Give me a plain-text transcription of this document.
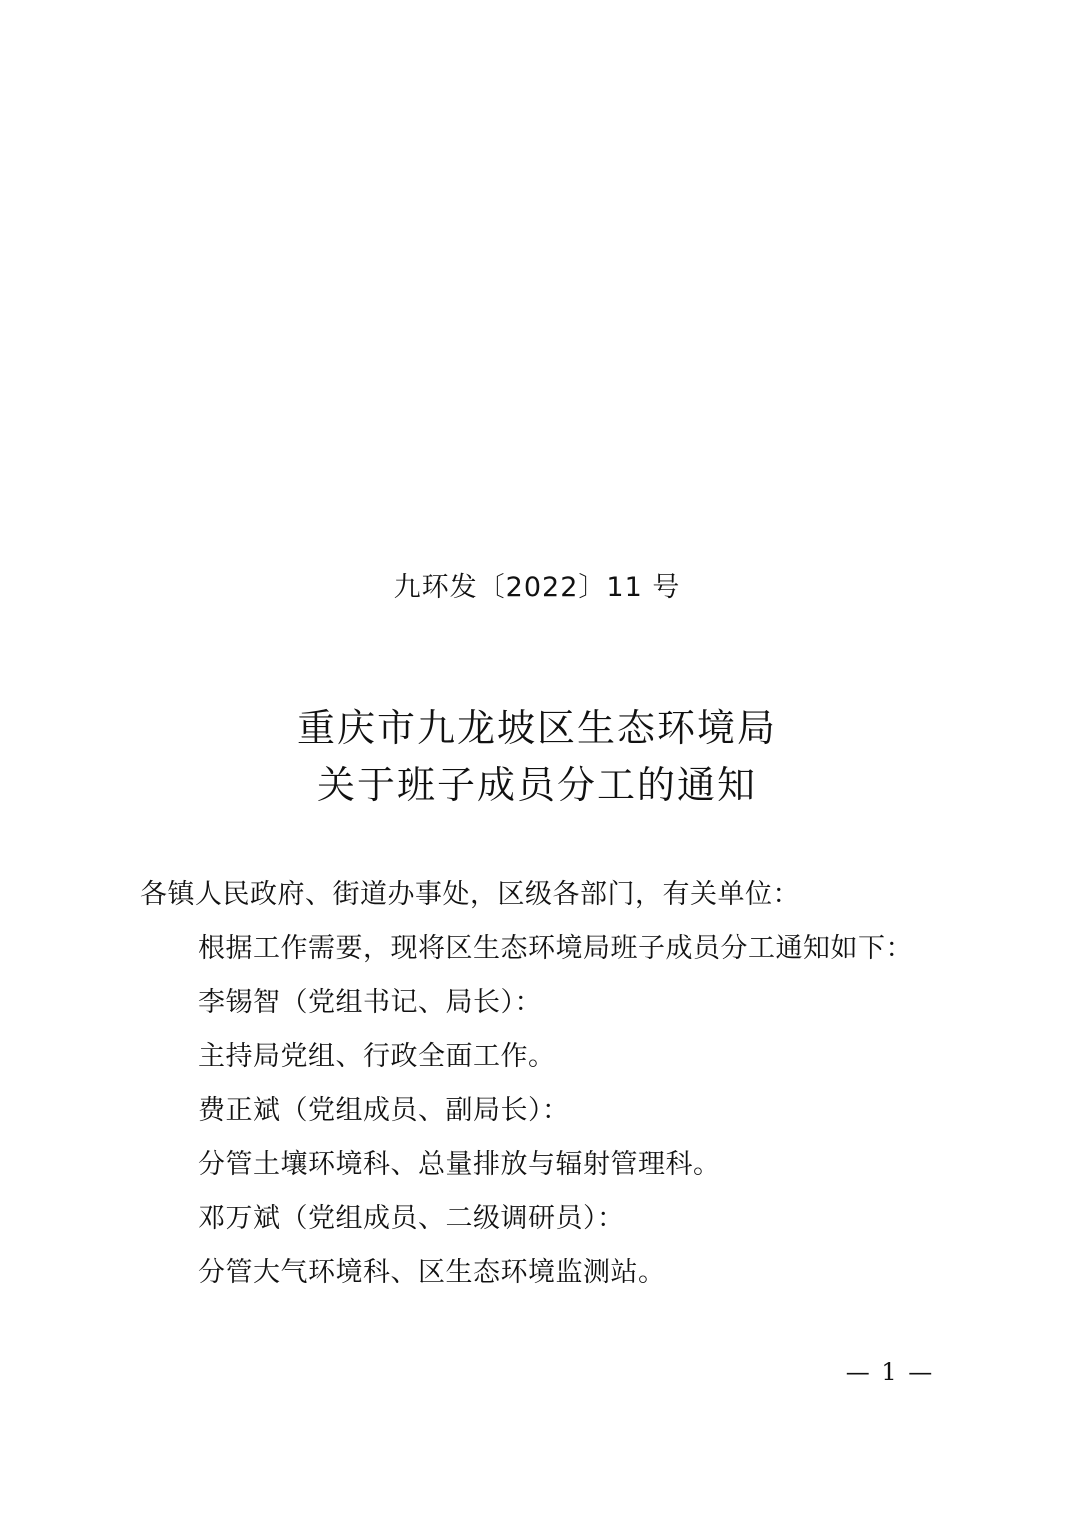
九环发〔2022〕11 号
重庆市九龙坡区生态环境局
关于班子成员分工的通知

各镇人民政府、街道办事处，区级各部门，有关单位：

根据工作需要，现将区生态环境局班子成员分工通知如下：

李锡智（党组书记、局长）：

主持局党组、行政全面工作。

费正斌（党组成员、副局长）：

分管土壤环境科、总量排放与辐射管理科。

邓万斌（党组成员、二级调研员）：

分管大气环境科、区生态环境监测站。

— 1 —
